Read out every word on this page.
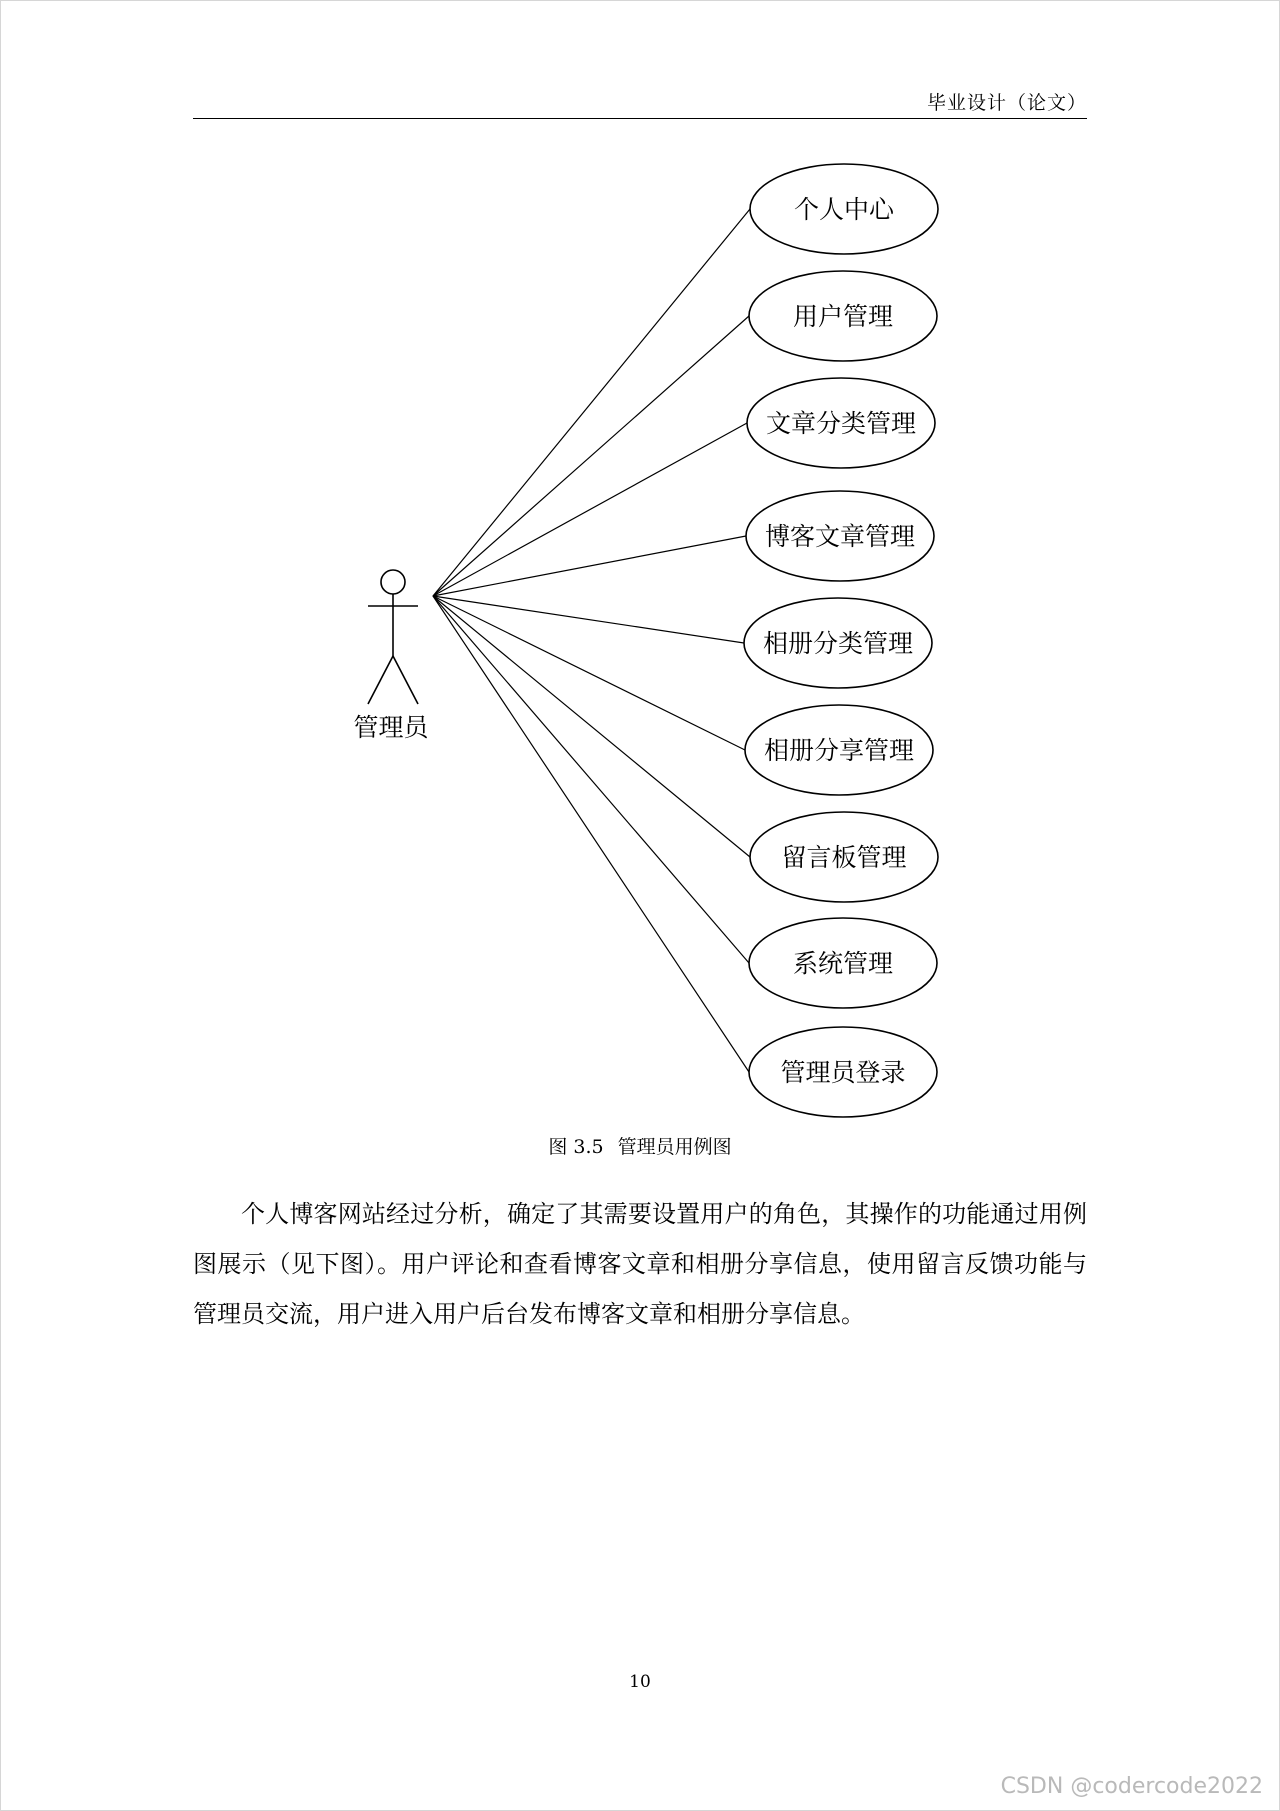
毕业设计（论文）
管理员
个人中心
用户管理
文章分类管理
博客文章管理
相册分类管理
相册分享管理
留言板管理
系统管理
管理员登录
图 3.5 管理员用例图

个人博客网站经过分析，确定了其需要设置用户的角色，其操作的功能通过用例图展示（见下图）。用户评论和查看博客文章和相册分享信息，使用留言反馈功能与管理员交流，用户进入用户后台发布博客文章和相册分享信息。

10
CSDN @codercode2022
